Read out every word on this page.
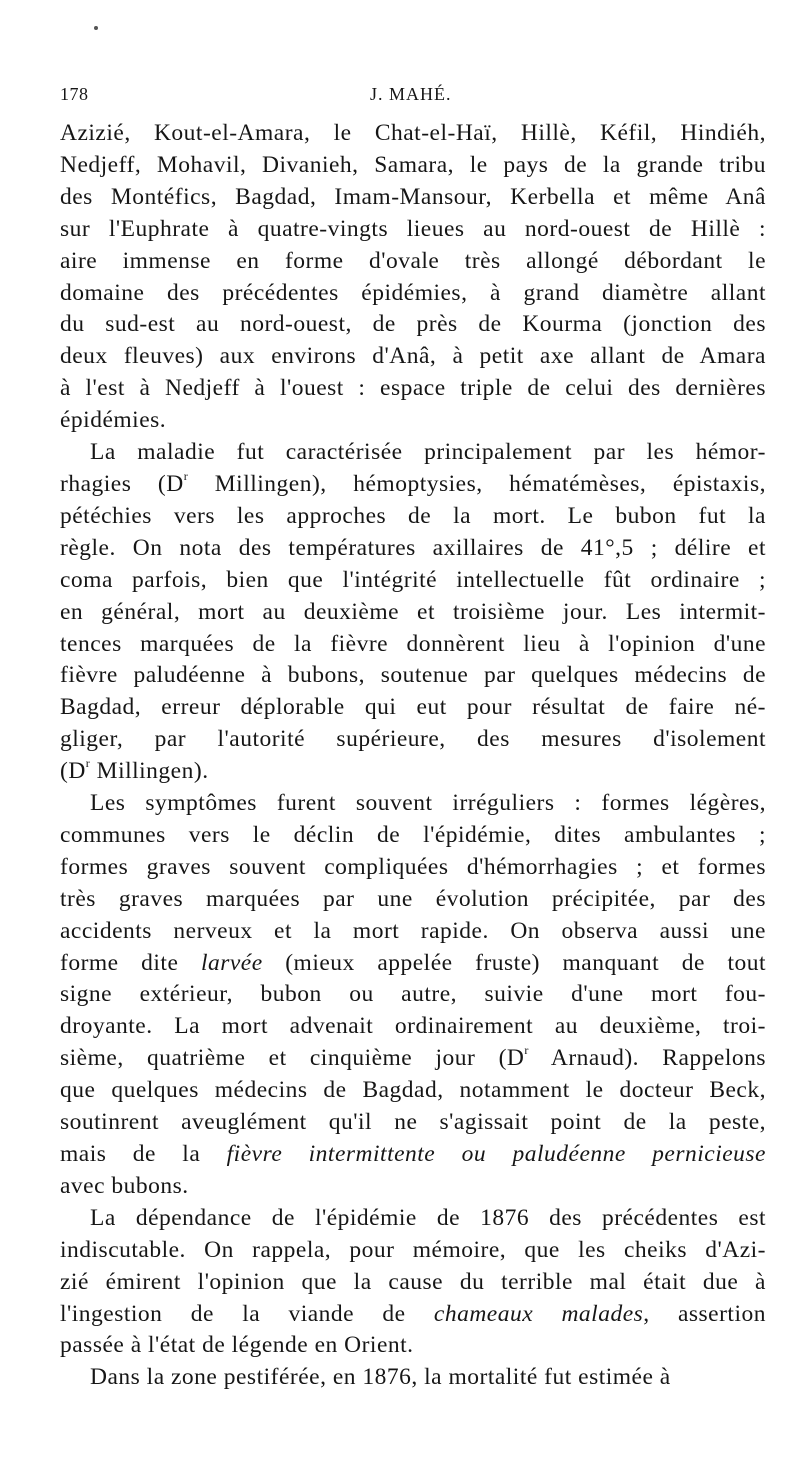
178	J. MAHÉ.

Azizié, Kout-el-Amara, le Chat-el-Haï, Hillè, Kéfil, Hindiéh,
Nedjeff, Mohavil, Divanieh, Samara, le pays de la grande tribu
des Montéfics, Bagdad, Imam-Mansour, Kerbella et même Anâ
sur l'Euphrate à quatre-vingts lieues au nord-ouest de Hillè :
aire immense en forme d'ovale très allongé débordant le
domaine des précédentes épidémies, à grand diamètre allant
du sud-est au nord-ouest, de près de Kourma (jonction des
deux fleuves) aux environs d'Anâ, à petit axe allant de Amara
à l'est à Nedjeff à l'ouest : espace triple de celui des dernières
épidémies.

La maladie fut caractérisée principalement par les hémor-
rhagies ($D^r$ Millingen), hémoptysies, hématémèses, épistaxis,
pétéchies vers les approches de la mort. Le bubon fut la
règle. On nota des températures axillaires de 41°,5 ; délire et
coma parfois, bien que l'intégrité intellectuelle fût ordinaire ;
en général, mort au deuxième et troisième jour. Les intermit-
tences marquées de la fièvre donnèrent lieu à l'opinion d'une
fièvre paludéenne à bubons, soutenue par quelques médecins de
Bagdad, erreur déplorable qui eut pour résultat de faire né-
gliger, par l'autorité supérieure, des mesures d'isolement
($D^r$ Millingen).

Les symptômes furent souvent irréguliers : formes légères,
communes vers le déclin de l'épidémie, dites ambulantes ;
formes graves souvent compliquées d'hémorrhagies ; et formes
très graves marquées par une évolution précipitée, par des
accidents nerveux et la mort rapide. On observa aussi une
forme dite larvée (mieux appelée fruste) manquant de tout
signe extérieur, bubon ou autre, suivie d'une mort fou-
droyante. La mort advenait ordinairement au deuxième, troi-
sième, quatrième et cinquième jour ($D^r$ Arnaud). Rappelons
que quelques médecins de Bagdad, notamment le docteur Beck,
soutinrent aveuglément qu'il ne s'agissait point de la peste,
mais de la fièvre intermittente ou paludéenne pernicieuse
avec bubons.

La dépendance de l'épidémie de 1876 des précédentes est
indiscutable. On rappela, pour mémoire, que les cheiks d'Azi-
zié émirent l'opinion que la cause du terrible mal était due à
l'ingestion de la viande de chameaux malades, assertion
passée à l'état de légende en Orient.

Dans la zone pestiférée, en 1876, la mortalité fut estimée à
